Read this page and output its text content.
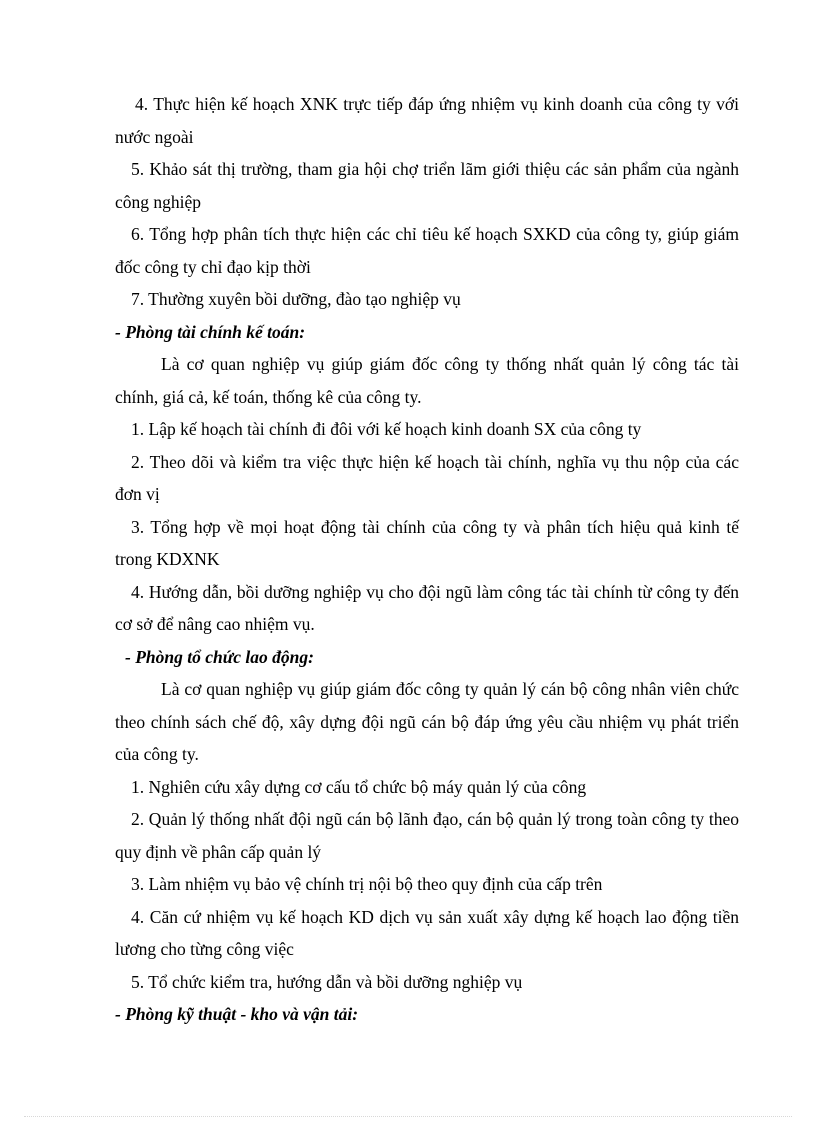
4. Thực hiện kế hoạch XNK trực tiếp đáp ứng nhiệm vụ kinh doanh của công ty với nước ngoài

5. Khảo sát thị trường, tham gia hội chợ triển lãm giới thiệu các sản phẩm của ngành công nghiệp

6. Tổng hợp phân tích thực hiện các chỉ tiêu kế hoạch SXKD của công ty, giúp giám đốc công ty chỉ đạo kịp thời

7. Thường xuyên bồi dưỡng, đào tạo nghiệp vụ

- Phòng tài chính kế toán:

Là cơ quan nghiệp vụ giúp giám đốc công ty thống nhất quản lý công tác tài chính, giá cả, kế toán, thống kê của công ty.

1. Lập kế hoạch tài chính đi đôi với kế hoạch kinh doanh SX của công ty

2. Theo dõi và kiểm tra việc thực hiện kế hoạch tài chính, nghĩa vụ thu nộp của các đơn vị

3. Tổng hợp về mọi hoạt động tài chính của công ty và phân tích hiệu quả kinh tế trong KDXNK

4. Hướng dẫn, bồi dưỡng nghiệp vụ cho đội ngũ làm công tác tài chính từ công ty đến cơ sở để nâng cao nhiệm vụ.

- Phòng tổ chức lao động:

Là cơ quan nghiệp vụ giúp giám đốc công ty quản lý cán bộ công nhân viên chức theo chính sách chế độ, xây dựng đội ngũ cán bộ đáp ứng yêu cầu nhiệm vụ phát triển của công ty.

1. Nghiên cứu xây dựng cơ cấu tổ chức bộ máy quản lý của công

2. Quản lý thống nhất đội ngũ cán bộ lãnh đạo, cán bộ quản lý trong toàn công ty theo quy định về phân cấp quản lý

3. Làm nhiệm vụ bảo vệ chính trị nội bộ theo quy định của cấp trên

4. Căn cứ nhiệm vụ kế hoạch KD dịch vụ sản xuất xây dựng kế hoạch lao động tiền lương cho từng công việc

5. Tổ chức kiểm tra, hướng dẫn và bồi dưỡng nghiệp vụ

- Phòng kỹ thuật - kho và vận tải:
